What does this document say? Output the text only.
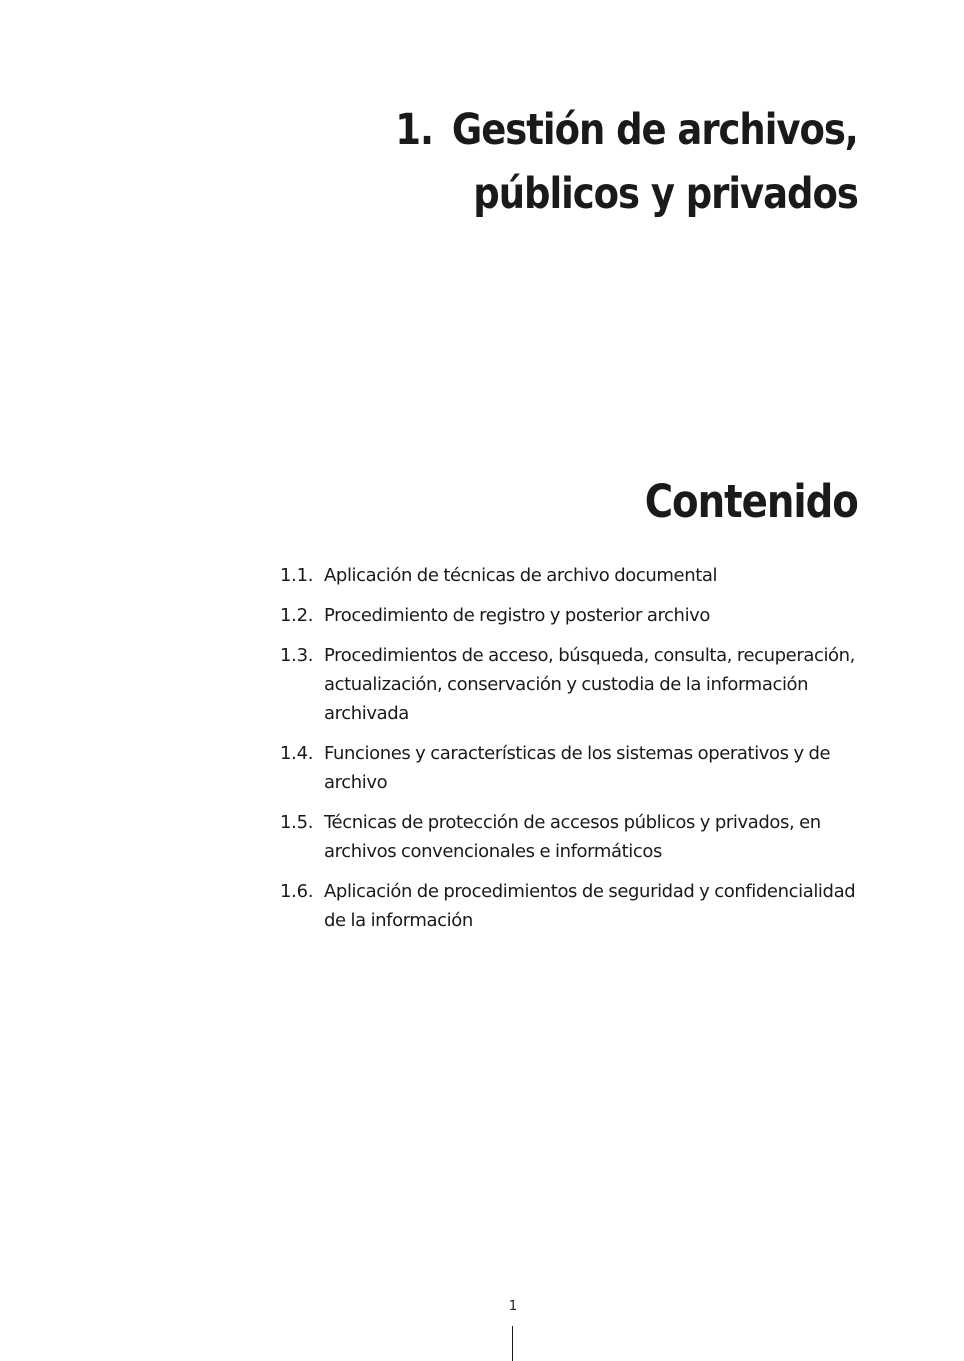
1. Gestión de archivos,
públicos y privados
Contenido
1.1. Aplicación de técnicas de archivo documental
1.2. Procedimiento de registro y posterior archivo
1.3. Procedimientos de acceso, búsqueda, consulta, recuperación, actualización, conservación y custodia de la información archivada
1.4. Funciones y características de los sistemas operativos y de archivo
1.5. Técnicas de protección de accesos públicos y privados, en archivos convencionales e informáticos
1.6. Aplicación de procedimientos de seguridad y confidencialidad de la información
1
